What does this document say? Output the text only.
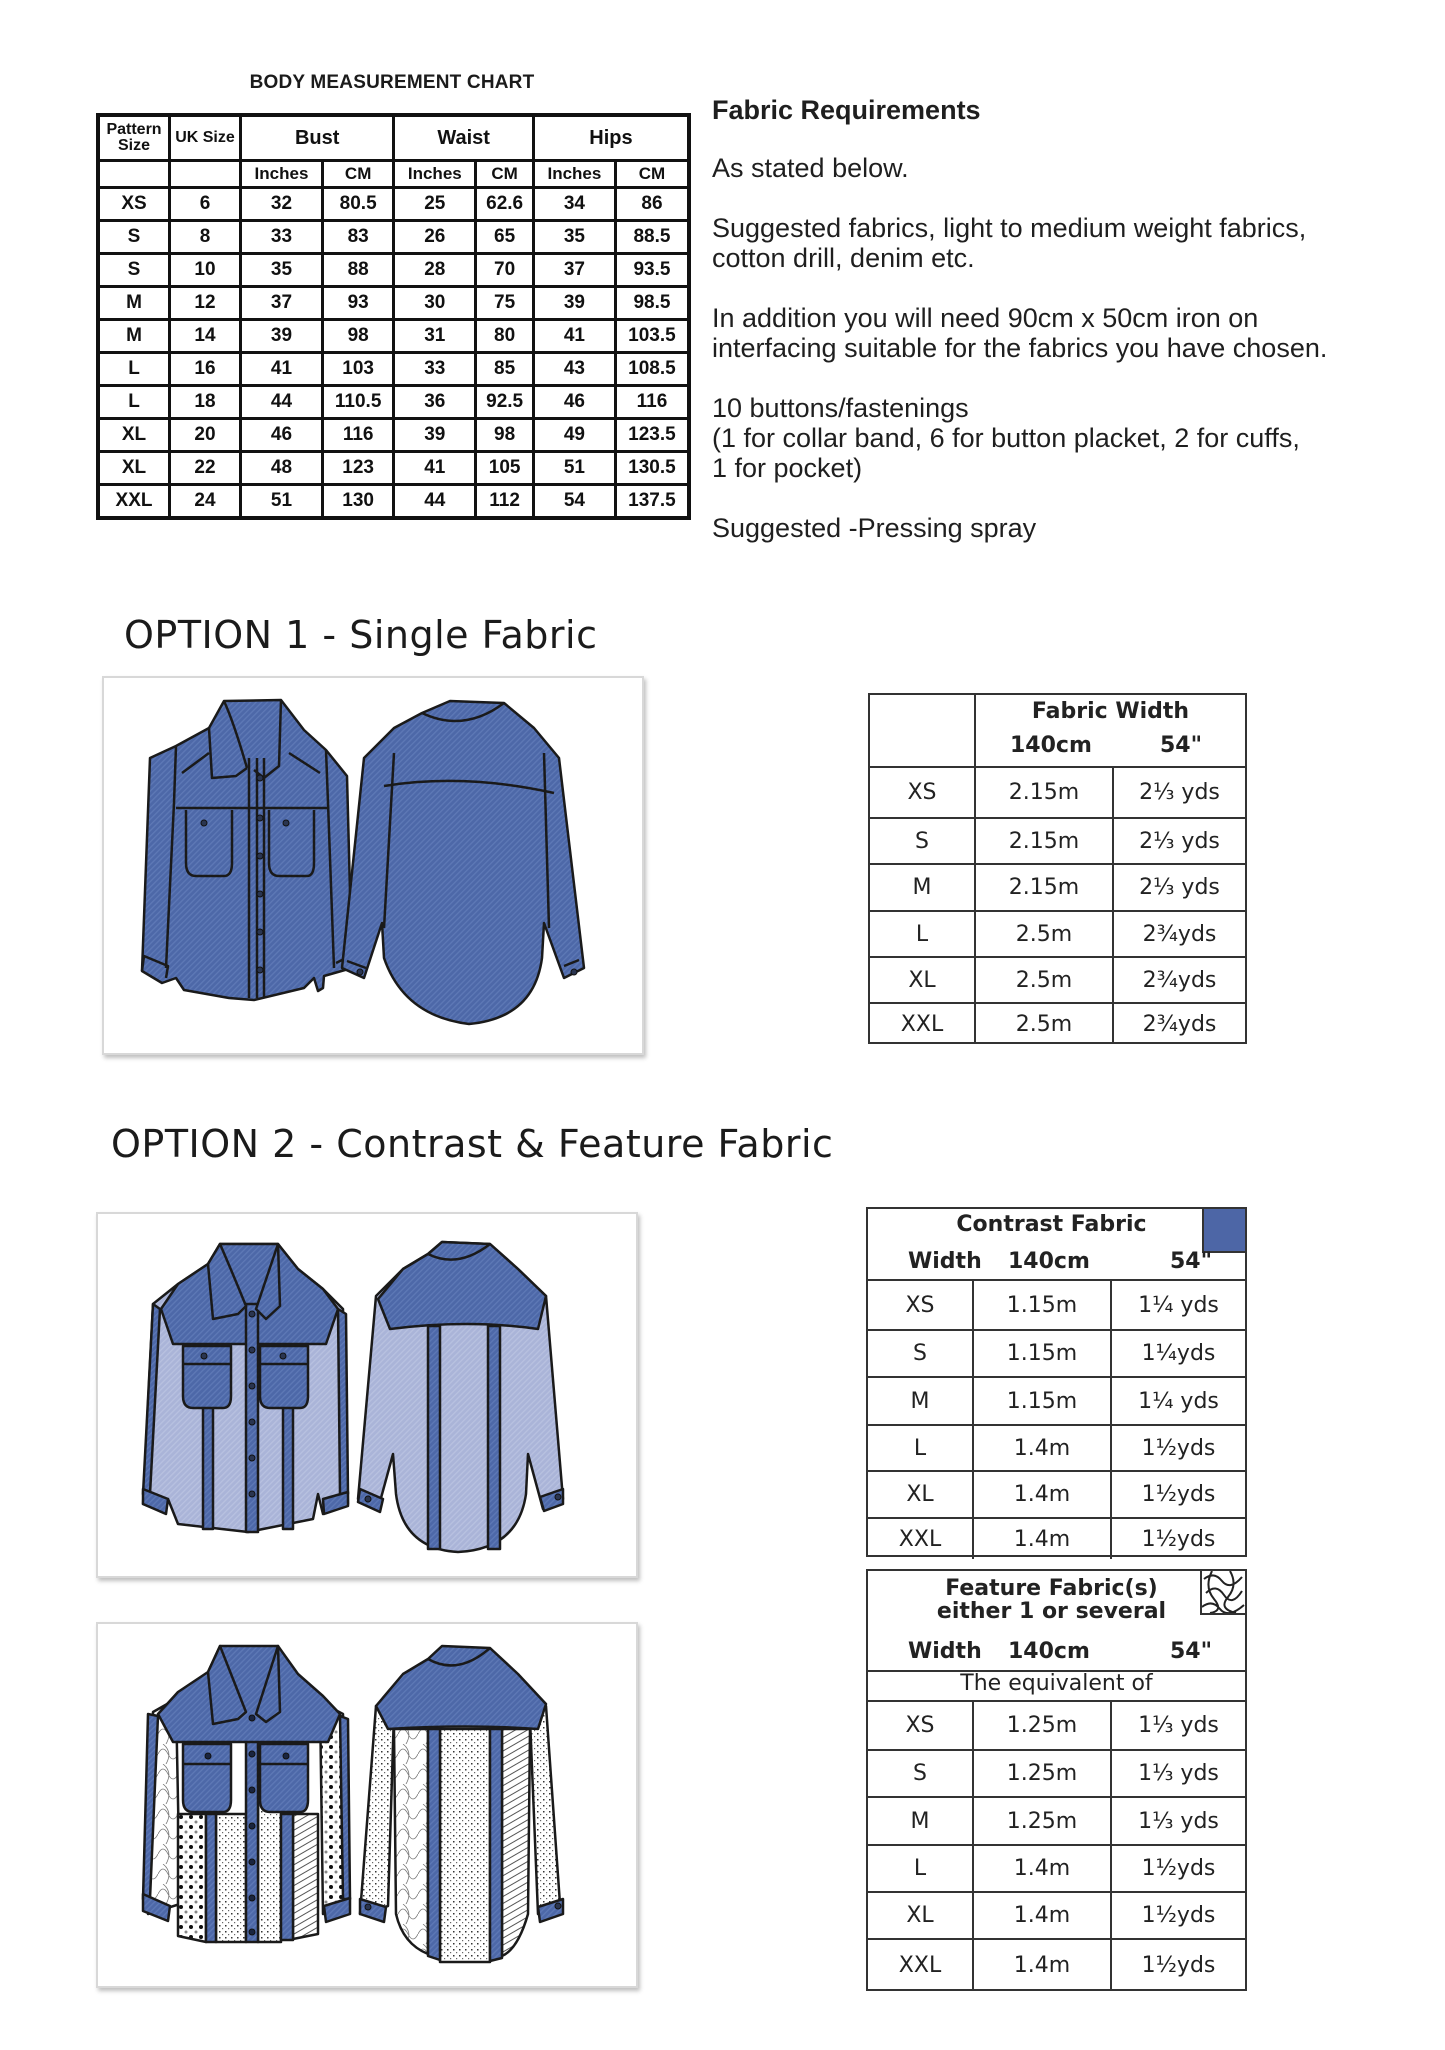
BODY MEASUREMENT CHART
Pattern Size	UK Size	Bust		Waist		Hips	
		Inches	CM	Inches	CM	Inches	CM
XS	6	32	80.5	25	62.6	34	86
S	8	33	83	26	65	35	88.5
S	10	35	88	28	70	37	93.5
M	12	37	93	30	75	39	98.5
M	14	39	98	31	80	41	103.5
L	16	41	103	33	85	43	108.5
L	18	44	110.5	36	92.5	46	116
XL	20	46	116	39	98	49	123.5
XL	22	48	123	41	105	51	130.5
XXL	24	51	130	44	112	54	137.5
Fabric Requirements

As stated below.

Suggested fabrics, light to medium weight fabrics,
cotton drill, denim etc.

In addition you will need 90cm x 50cm iron on
interfacing suitable for the fabrics you have chosen.

10 buttons/fastenings
(1 for collar band, 6 for button placket, 2 for cuffs,
1 for pocket)

Suggested -Pressing spray

OPTION 1 - Single Fabric
Fabric Width
140cm	54"
XS	2.15m	2⅓ yds
S	2.15m	2⅓ yds
M	2.15m	2⅓ yds
L	2.5m	2¾yds
XL	2.5m	2¾yds
XXL	2.5m	2¾yds
OPTION 2 - Contrast & Feature Fabric
Contrast Fabric
Width 140cm	54"
XS	1.15m	1¼ yds
S	1.15m	1¼yds
M	1.15m	1¼ yds
L	1.4m	1½yds
XL	1.4m	1½yds
XXL	1.4m	1½yds
Feature Fabric(s)
either 1 or several
Width 140cm	54"
The equivalent of
XS	1.25m	1⅓ yds
S	1.25m	1⅓ yds
M	1.25m	1⅓ yds
L	1.4m	1½yds
XL	1.4m	1½yds
XXL	1.4m	1½yds
